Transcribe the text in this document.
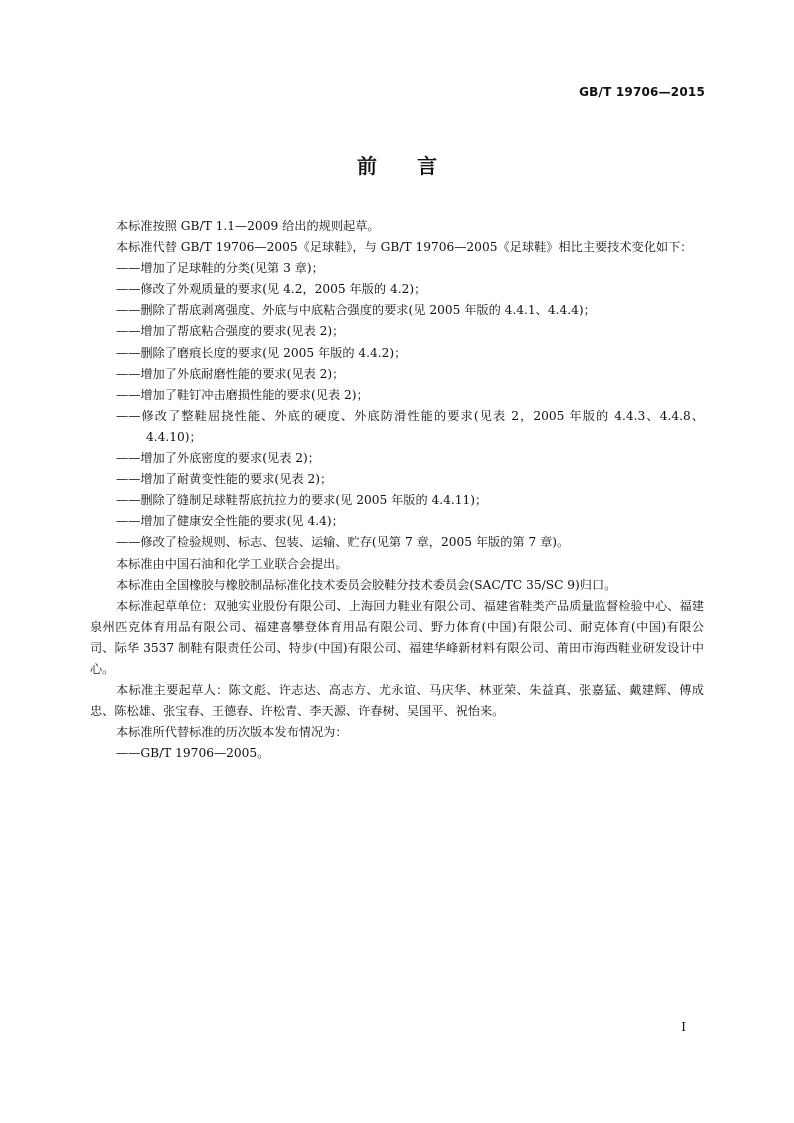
GB/T 19706—2015
前言

本标准按照 GB/T 1.1—2009 给出的规则起草。

本标准代替 GB/T 19706—2005《足球鞋》，与 GB/T 19706—2005《足球鞋》相比主要技术变化如下：

——增加了足球鞋的分类(见第 3 章)；

——修改了外观质量的要求(见 4.2，2005 年版的 4.2)；

——删除了帮底剥离强度、外底与中底粘合强度的要求(见 2005 年版的 4.4.1、4.4.4)；

——增加了帮底粘合强度的要求(见表 2)；

——删除了磨痕长度的要求(见 2005 年版的 4.4.2)；

——增加了外底耐磨性能的要求(见表 2)；

——增加了鞋钉冲击磨损性能的要求(见表 2)；

——修改了整鞋屈挠性能、外底的硬度、外底防滑性能的要求(见表 2，2005 年版的 4.4.3、4.4.8、4.4.10)；

——增加了外底密度的要求(见表 2)；

——增加了耐黄变性能的要求(见表 2)；

——删除了缝制足球鞋帮底抗拉力的要求(见 2005 年版的 4.4.11)；

——增加了健康安全性能的要求(见 4.4)；

——修改了检验规则、标志、包装、运输、贮存(见第 7 章，2005 年版的第 7 章)。

本标准由中国石油和化学工业联合会提出。

本标准由全国橡胶与橡胶制品标准化技术委员会胶鞋分技术委员会(SAC/TC 35/SC 9)归口。

本标准起草单位：双驰实业股份有限公司、上海回力鞋业有限公司、福建省鞋类产品质量监督检验中心、福建泉州匹克体育用品有限公司、福建喜攀登体育用品有限公司、野力体育(中国)有限公司、耐克体育(中国)有限公司、际华 3537 制鞋有限责任公司、特步(中国)有限公司、福建华峰新材料有限公司、莆田市海西鞋业研发设计中心。

本标准主要起草人：陈文彪、许志达、高志方、尤永谊、马庆华、林亚荣、朱益真、张嘉猛、戴建辉、傅成忠、陈松雄、张宝春、王德春、许松青、李天源、许春树、吴国平、祝怡来。

本标准所代替标准的历次版本发布情况为：

——GB/T 19706—2005。

I
